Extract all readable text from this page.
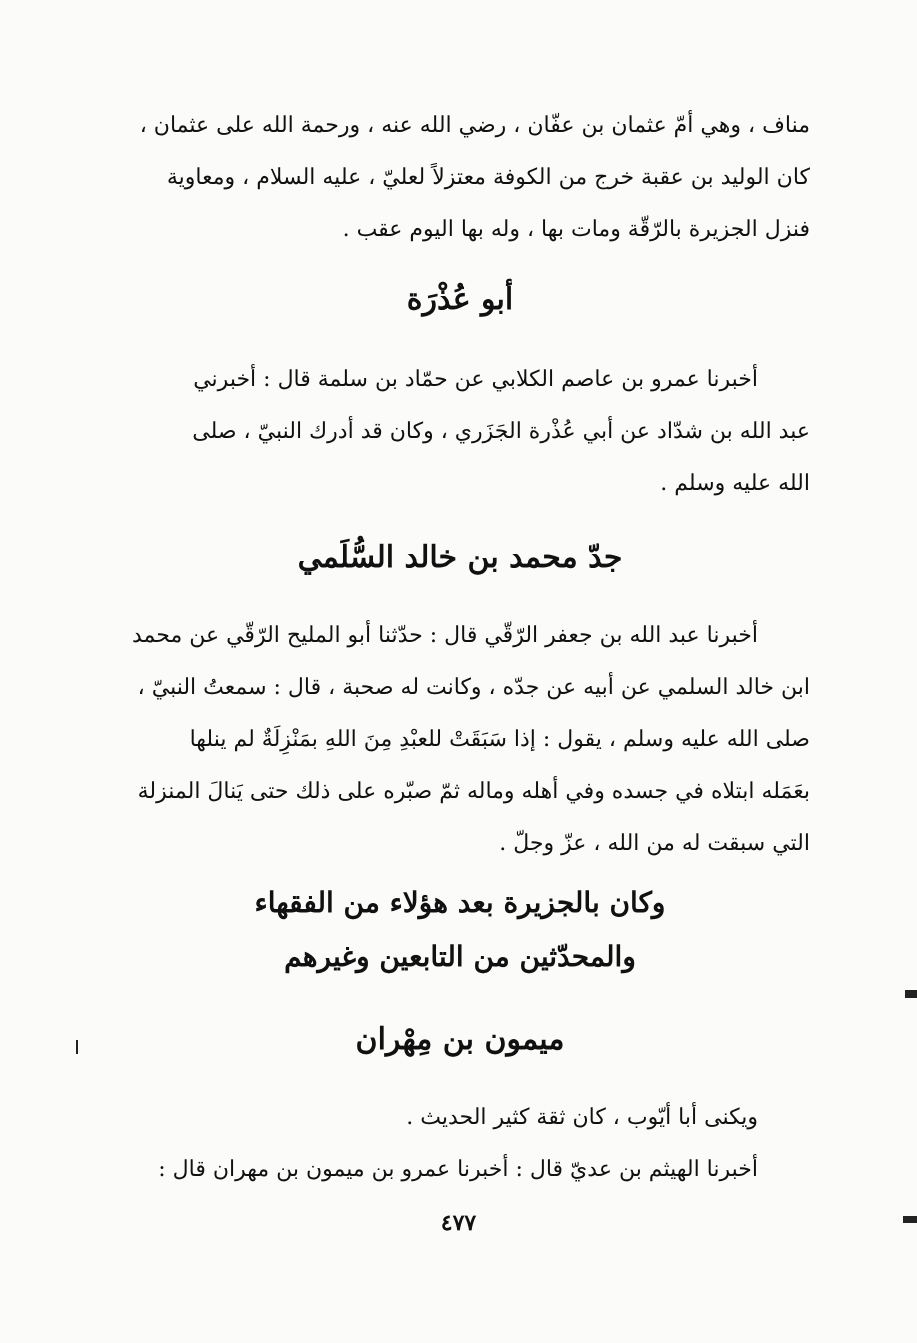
مناف ، وهي أمّ عثمان بن عفّان ، رضي الله عنه ، ورحمة الله على عثمان ،
كان الوليد بن عقبة خرج من الكوفة معتزلاً لعليّ ، عليه السلام ، ومعاوية
فنزل الجزيرة بالرّقّة ومات بها ، وله بها اليوم عقب .
أبو عُذْرَة
أخبرنا عمرو بن عاصم الكلابي عن حمّاد بن سلمة قال : أخبرني
عبد الله بن شدّاد عن أبي عُذْرة الجَزَري ، وكان قد أدرك النبيّ ، صلى
الله عليه وسلم .
جدّ محمد بن خالد السُّلَمي
أخبرنا عبد الله بن جعفر الرّقّي قال : حدّثنا أبو المليح الرّقّي عن محمد
ابن خالد السلمي عن أبيه عن جدّه ، وكانت له صحبة ، قال : سمعتُ النبيّ ،
صلى الله عليه وسلم ، يقول : إذا سَبَقَتْ للعبْدِ مِنَ اللهِ بمَنْزِلَةٌ لم ينلها
بعَمَله ابتلاه في جسده وفي أهله وماله ثمّ صبّره على ذلك حتى يَنالَ المنزلة
التي سبقت له من الله ، عزّ وجلّ .
وكان بالجزيرة بعد هؤلاء من الفقهاء
والمحدّثين من التابعين وغيرهم
ميمون بن مِهْران
ويكنى أبا أيّوب ، كان ثقة كثير الحديث .
أخبرنا الهيثم بن عديّ قال : أخبرنا عمرو بن ميمون بن مهران قال :
٤٧٧
